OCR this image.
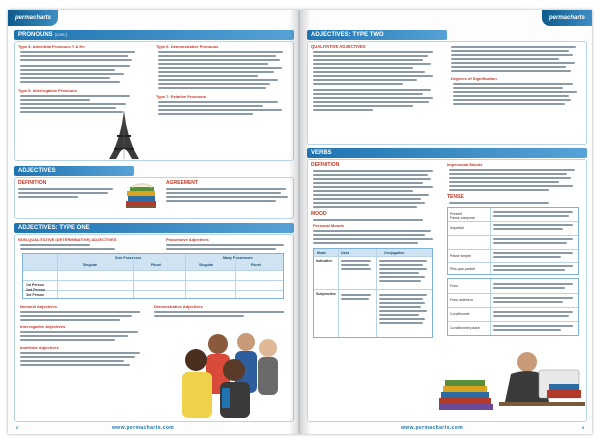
permacharts
PRONOUNS (cont.)
Type 4: Adverbial Pronouns Y & En
Type 5: Interrogative Pronouns
Type 6: Demonstrative Pronouns
Type 7: Relative Pronouns
ADJECTIVES
DEFINITION	AGREEMENT
ADJECTIVES: TYPE ONE
NON-QUALITATIVE (DETERMINATIVE) ADJECTIVES	Possessive Adjectives
Sole Possessor	Many Possessors
Singular	Plural	Singular	Plural
1st Person
2nd Person
3rd Person
Numeral Adjectives
Interrogative Adjectives
Indefinite Adjectives
Demonstrative Adjectives
2	www.permacharts.com
permacharts
ADJECTIVES: TYPE TWO
QUALITATIVE ADJECTIVES
Degrees of Signification
VERBS
DEFINITION
MOOD
Personal Moods
Mode	Uses	Conjugation
Indicative
Subjunctive
Impersonal Moods
TENSE
Present
Passé composé
Imparfait
Passé simple
Plus-que-parfait
Futur
Futur antérieur
Conditionnel
Conditionnel passé
www.permacharts.com	3
